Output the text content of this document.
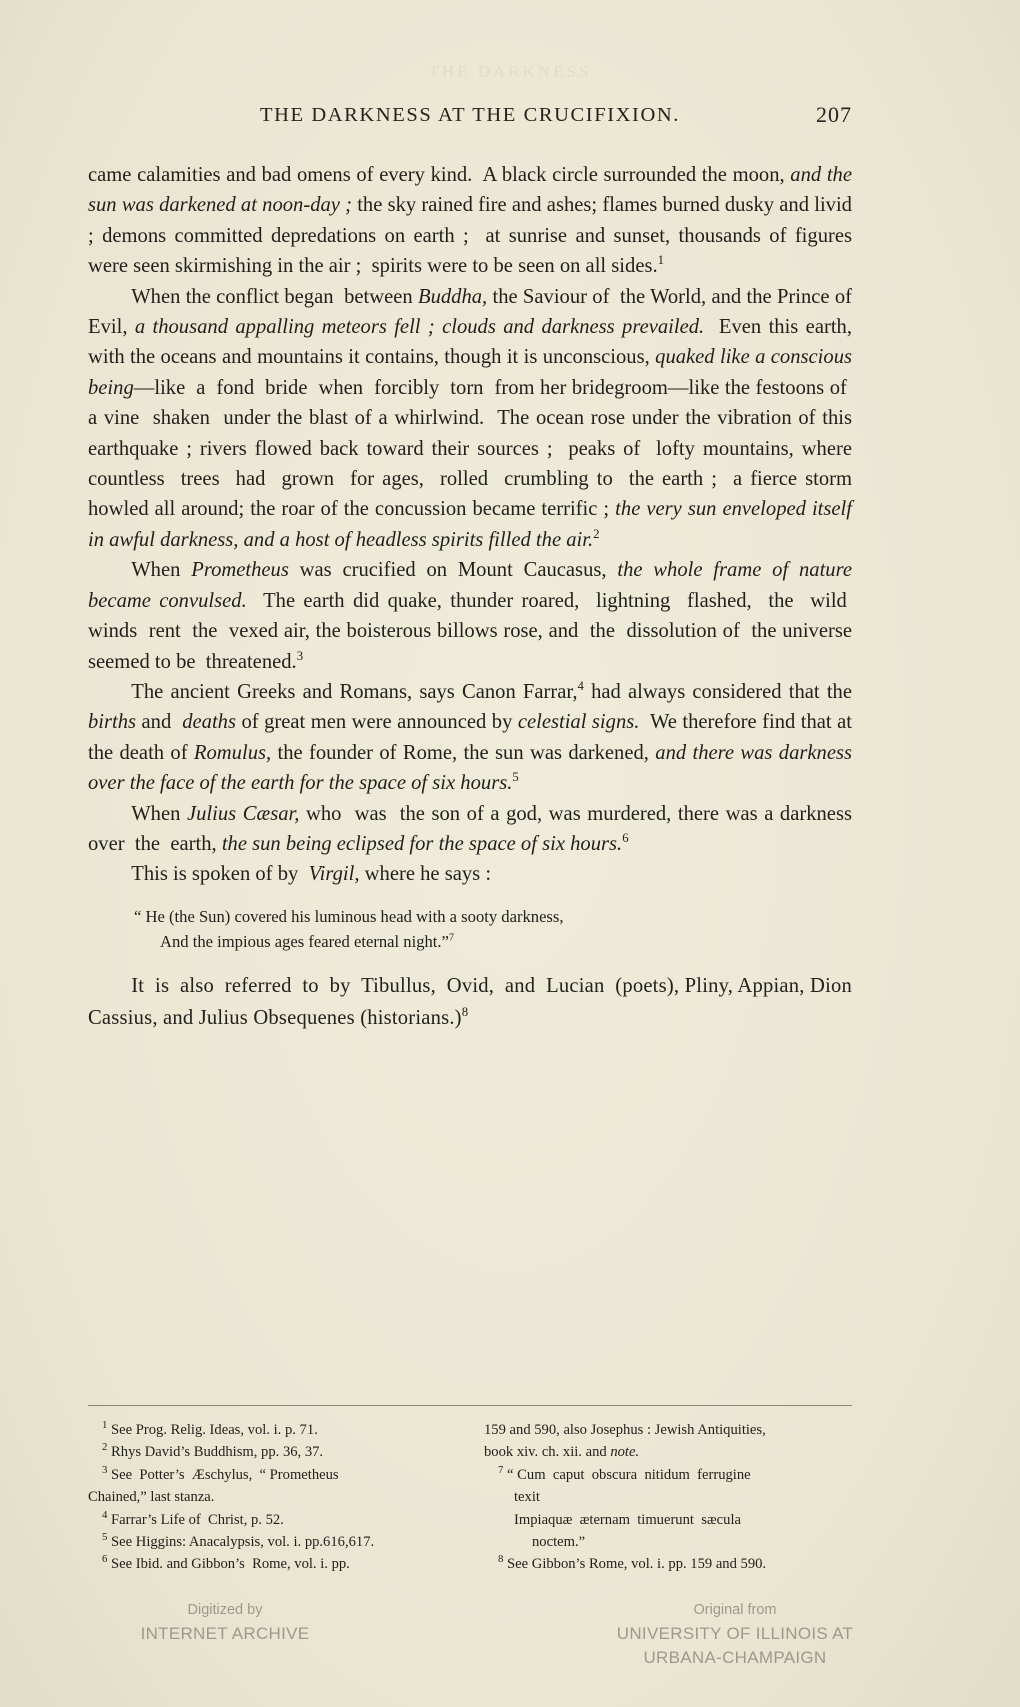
THE DARKNESS
THE DARKNESS AT THE CRUCIFIXION.	207

came calamities and bad omens of every kind.  A black circle surrounded the moon, and the sun was darkened at noon-day ; the sky rained fire and ashes; flames burned dusky and livid ; demons committed depredations on earth ;  at sunrise and sunset, thousands of figures were seen skirmishing in the air ;  spirits were to be seen on all sides.$^1$

When the conflict began  between Buddha, the Saviour of  the World, and the Prince of Evil, a thousand appalling meteors fell ; clouds and darkness prevailed.  Even this earth, with the oceans and mountains it contains, though it is unconscious, quaked like a conscious being—like  a  fond  bride  when  forcibly  torn  from her bridegroom—like the festoons of  a vine  shaken  under the blast of a whirlwind.  The ocean rose under the vibration of this earthquake ; rivers flowed back toward their sources ;  peaks of  lofty mountains, where countless  trees  had  grown  for ages,  rolled  crumbling to  the earth ;  a fierce storm howled all around; the roar of the concussion became terrific ; the very sun enveloped itself in awful darkness, and a host of headless spirits filled the air.$^2$

When Prometheus was crucified on Mount Caucasus, the whole frame of nature became convulsed.  The earth did quake, thunder roared,  lightning  flashed,  the  wild  winds  rent  the  vexed air, the boisterous billows rose, and  the  dissolution of  the universe seemed to be  threatened.$^3$

The ancient Greeks and Romans, says Canon Farrar,$^4$ had always considered that the births and  deaths of great men were announced by celestial signs.  We therefore find that at the death of Romulus, the founder of Rome, the sun was darkened, and there was darkness over the face of the earth for the space of six hours.$^5$

When Julius Cæsar, who  was  the son of a god, was murdered, there was a darkness over  the  earth, the sun being eclipsed for the space of six hours.$^6$

This is spoken of by  Virgil, where he says :

“ He (the Sun) covered his luminous head with a sooty darkness,
And the impious ages feared eternal night.”$^7$

It  is  also  referred  to  by  Tibullus,  Ovid,  and  Lucian  (poets), Pliny, Appian, Dion Cassius, and Julius Obsequenes (historians.)$^8$

$^1$ See Prog. Relig. Ideas, vol. i. p. 71.

$^2$ Rhys David’s Buddhism, pp. 36, 37.

$^3$ See  Potter’s  Æschylus,  “ Prometheus

Chained,” last stanza.

$^4$ Farrar’s Life of  Christ, p. 52.

$^5$ See Higgins: Anacalypsis, vol. i. pp.616,617.

$^6$ See Ibid. and Gibbon’s  Rome, vol. i. pp.

159 and 590, also Josephus : Jewish Antiquities,

book xiv. ch. xii. and note.

$^7$ “ Cum  caput  obscura  nitidum  ferrugine

texit

Impiaquæ  æternam  timuerunt  sæcula

noctem.”

$^8$ See Gibbon’s Rome, vol. i. pp. 159 and 590.

Digitized by
INTERNET ARCHIVE
Original from
UNIVERSITY OF ILLINOIS AT
URBANA-CHAMPAIGN
